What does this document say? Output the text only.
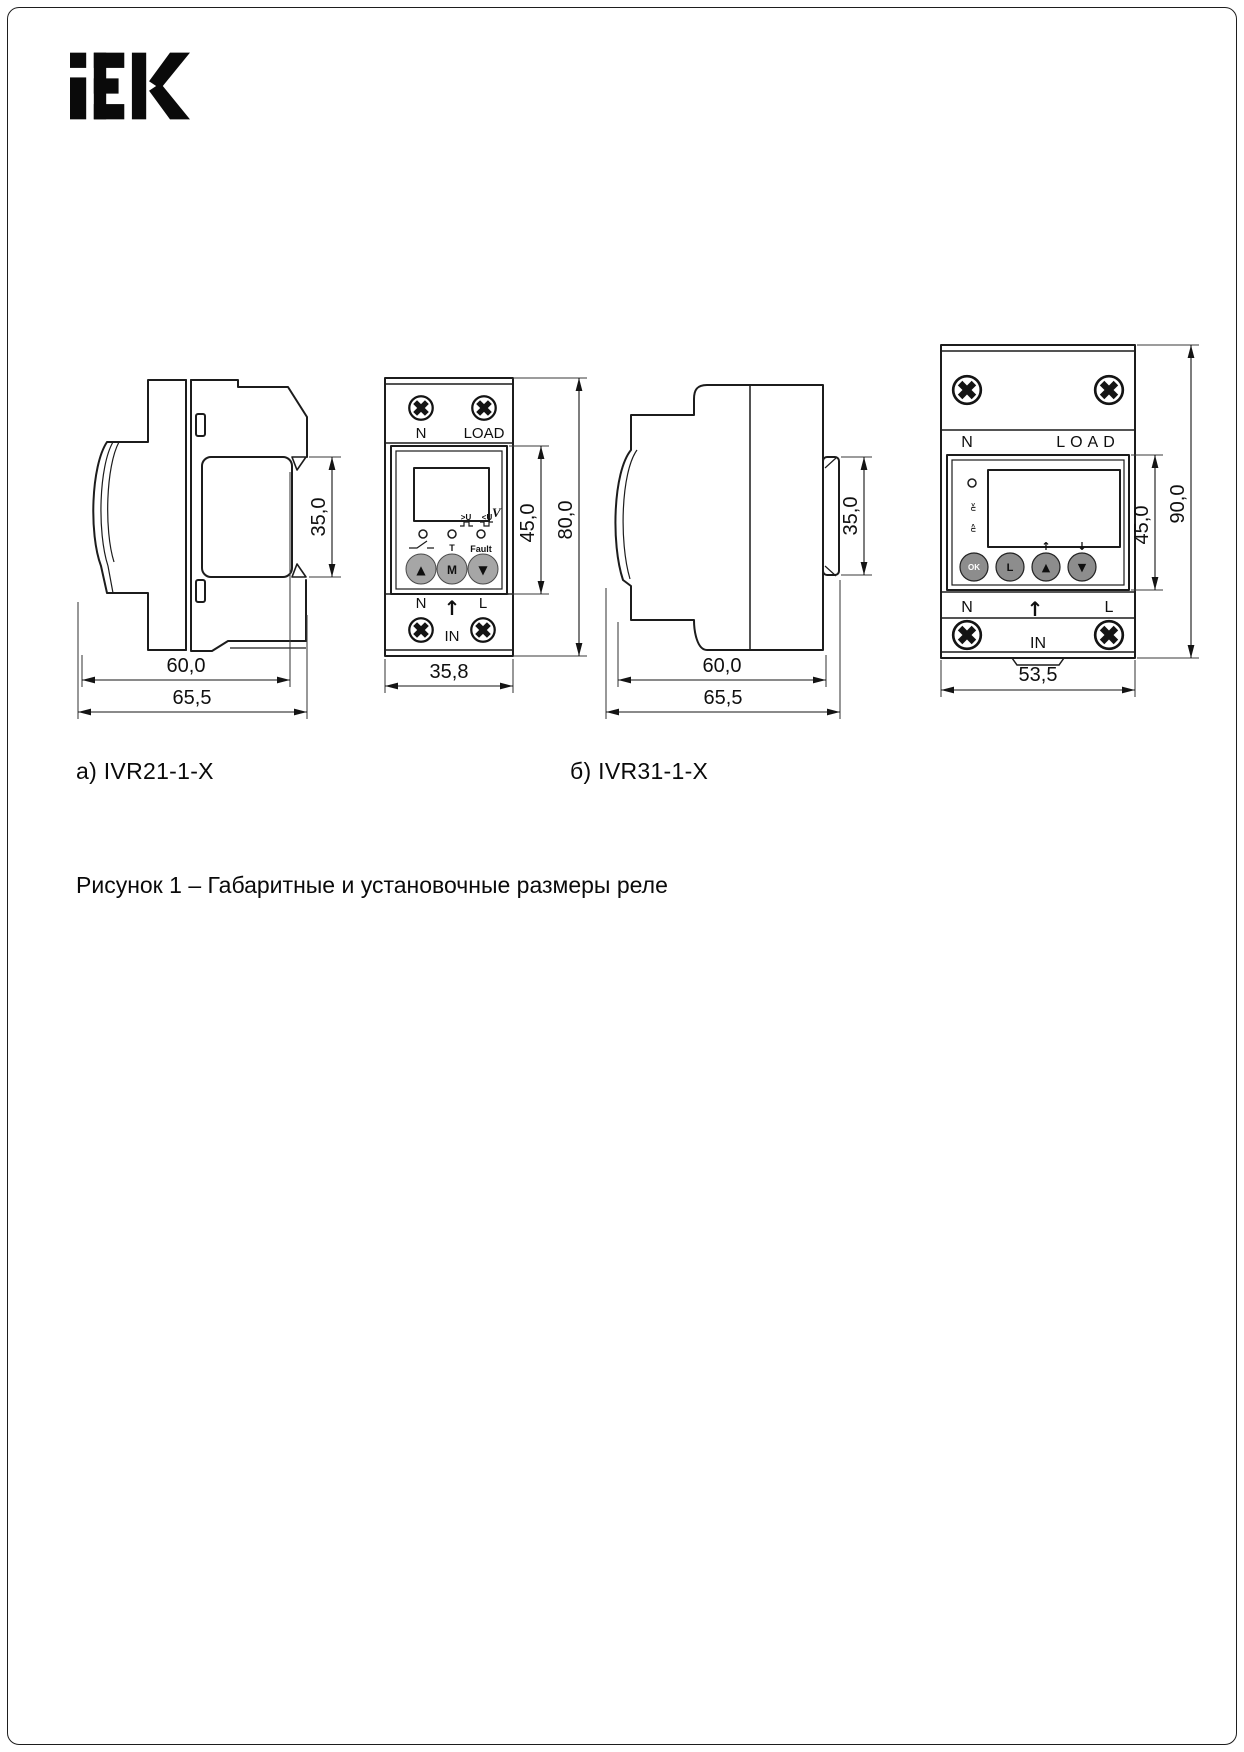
35,0
60,0
65,5
N LOAD
V
>U <U
T Fault
▲ M ▼
N ↑ L
IN
45,0 80,0
35,8
35,0
60,0
65,5
N	LOAD
>U
<U
↑ ↓
OK L	▲	▼
N	↑	L
IN
45,0
90,0
53,5
а) IVR21-1-X	б) IVR31-1-X
Рисунок 1 – Габаритные и установочные размеры реле
